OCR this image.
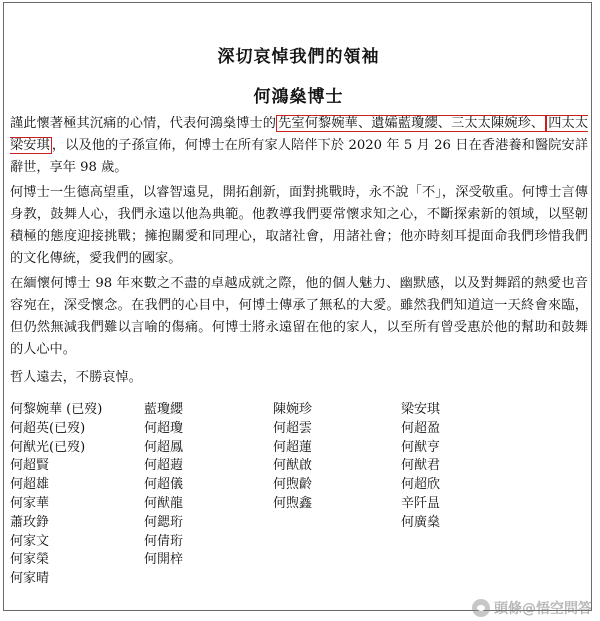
深切哀悼我們的領袖
何鴻燊博士

謹此懷著極其沉痛的心情，代表何鴻燊博士的 先室何黎婉華、遺孀藍瓊纓、三太太陳婉珍、 四太太梁安琪 ，以及他的子孫宣佈，何博士在所有家人陪伴下於 2020 年 5 月 26 日在香港養和醫院安詳辭世，享年 98 歲。

何博士一生德高望重，以睿智遠見，開拓創新，面對挑戰時，永不說「不」，深受敬重。何博士言傳身教，鼓舞人心，我們永遠以他為典範。他教導我們要常懷求知之心，不斷探索新的領域，以堅韌積極的態度迎接挑戰；擁抱關愛和同理心，取諸社會，用諸社會；他亦時刻耳提面命我們珍惜我們的文化傳統，愛我們的國家。

在緬懷何博士 98 年來數之不盡的卓越成就之際，他的個人魅力、幽默感，以及對舞蹈的熱愛也音容宛在，深受懷念。在我們的心目中，何博士傳承了無私的大愛。雖然我們知道這一天終會來臨，但仍然無減我們難以言喻的傷痛。何博士將永遠留在他的家人，以至所有曾受惠於他的幫助和鼓舞的人心中。

哲人遠去，不勝哀悼。

何黎婉華 (已歿)
何超英(已歿)
何猷光(已歿)
何超賢
何超雄
何家華
蕭玫錚
何家文
何家榮
何家晴
藍瓊纓
何超瓊
何超鳳
何超蕸
何超儀
何猷龍
何鍶珩
何倩珩
何開梓
陳婉珍
何超雲
何超蓮
何猷啟
何煦齡
何煦鑫
梁安琪
何超盈
何猷亨
何猷君
何超欣
辛阡昷
何廣燊
頭條@悟空問答
